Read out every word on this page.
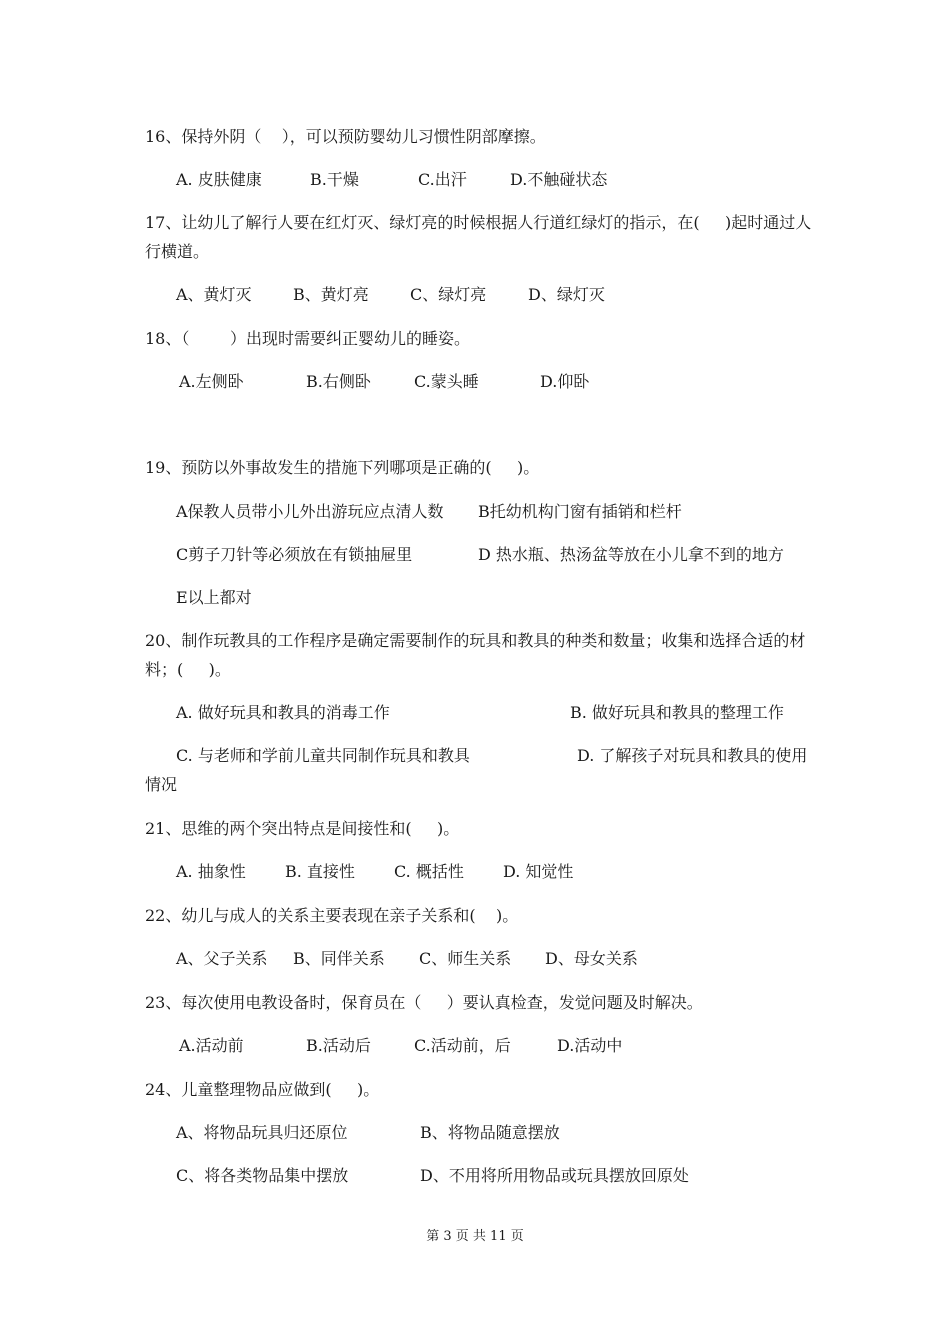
16、保持外阴（    ），可以预防婴幼儿习惯性阴部摩擦。

A. 皮肤健康

	B.干燥

	C.出汗

	D.不触碰状态

17、让幼儿了解行人要在红灯灭、绿灯亮的时候根据人行道红绿灯的指示，在(     )起时通过人行横道。

A、黄灯灭

	B、黄灯亮

	C、绿灯亮

	D、绿灯灭

18、（        ）出现时需要纠正婴幼儿的睡姿。

A.左侧卧

	B.右侧卧

	C.蒙头睡

	D.仰卧

19、预防以外事故发生的措施下列哪项是正确的(     )。

A保教人员带小儿外出游玩应点清人数

B托幼机构门窗有插销和栏杆

C剪子刀针等必须放在有锁抽屉里

	D 热水瓶、热汤盆等放在小儿拿不到的地方

E以上都对

20、制作玩教具的工作程序是确定需要制作的玩具和教具的种类和数量；收集和选择合适的材料；(     )。

A. 做好玩具和教具的消毒工作

	B. 做好玩具和教具的整理工作

C. 与老师和学前儿童共同制作玩具和教具

	D. 了解孩子对玩具和教具的使用情况
21、思维的两个突出特点是间接性和(     )。

A. 抽象性

B. 直接性

C. 概括性

D. 知觉性

22、幼儿与成人的关系主要表现在亲子关系和(    )。

A、父子关系

B、同伴关系

C、师生关系

D、母女关系

23、每次使用电教设备时，保育员在（     ）要认真检查，发觉问题及时解决。

A.活动前

	B.活动后

	C.活动前，后

	D.活动中

24、儿童整理物品应做到(     )。

A、将物品玩具归还原位

	B、将物品随意摆放

C、将各类物品集中摆放

	D、不用将所用物品或玩具摆放回原处

第 3 页 共 11 页
